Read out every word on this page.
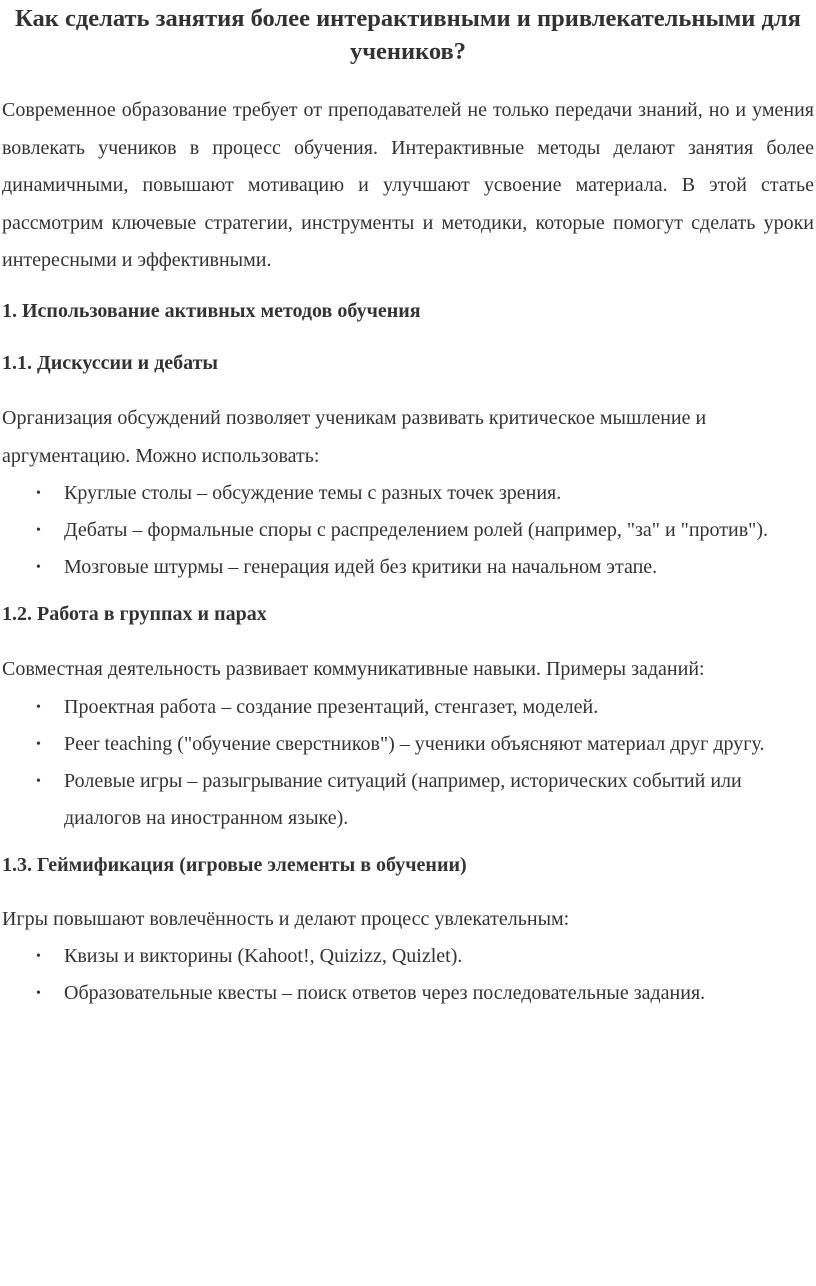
Как сделать занятия более интерактивными и привлекательными для учеников?

Современное образование требует от преподавателей не только передачи знаний, но и умения вовлекать учеников в процесс обучения. Интерактивные методы делают занятия более динамичными, повышают мотивацию и улучшают усвоение материала. В этой статье рассмотрим ключевые стратегии, инструменты и методики, которые помогут сделать уроки интересными и эффективными.

1. Использование активных методов обучения
1.1. Дискуссии и дебаты

Организация обсуждений позволяет ученикам развивать критическое мышление и аргументацию. Можно использовать:

• Круглые столы – обсуждение темы с разных точек зрения.
• Дебаты – формальные споры с распределением ролей (например, "за" и "против").
• Мозговые штурмы – генерация идей без критики на начальном этапе.
1.2. Работа в группах и парах

Совместная деятельность развивает коммуникативные навыки. Примеры заданий:

• Проектная работа – создание презентаций, стенгазет, моделей.
• Peer teaching ("обучение сверстников") – ученики объясняют материал друг другу.
• Ролевые игры – разыгрывание ситуаций (например, исторических событий или диалогов на иностранном языке).
1.3. Геймификация (игровые элементы в обучении)

Игры повышают вовлечённость и делают процесс увлекательным:

• Квизы и викторины (Kahoot!, Quizizz, Quizlet).
• Образовательные квесты – поиск ответов через последовательные задания.
